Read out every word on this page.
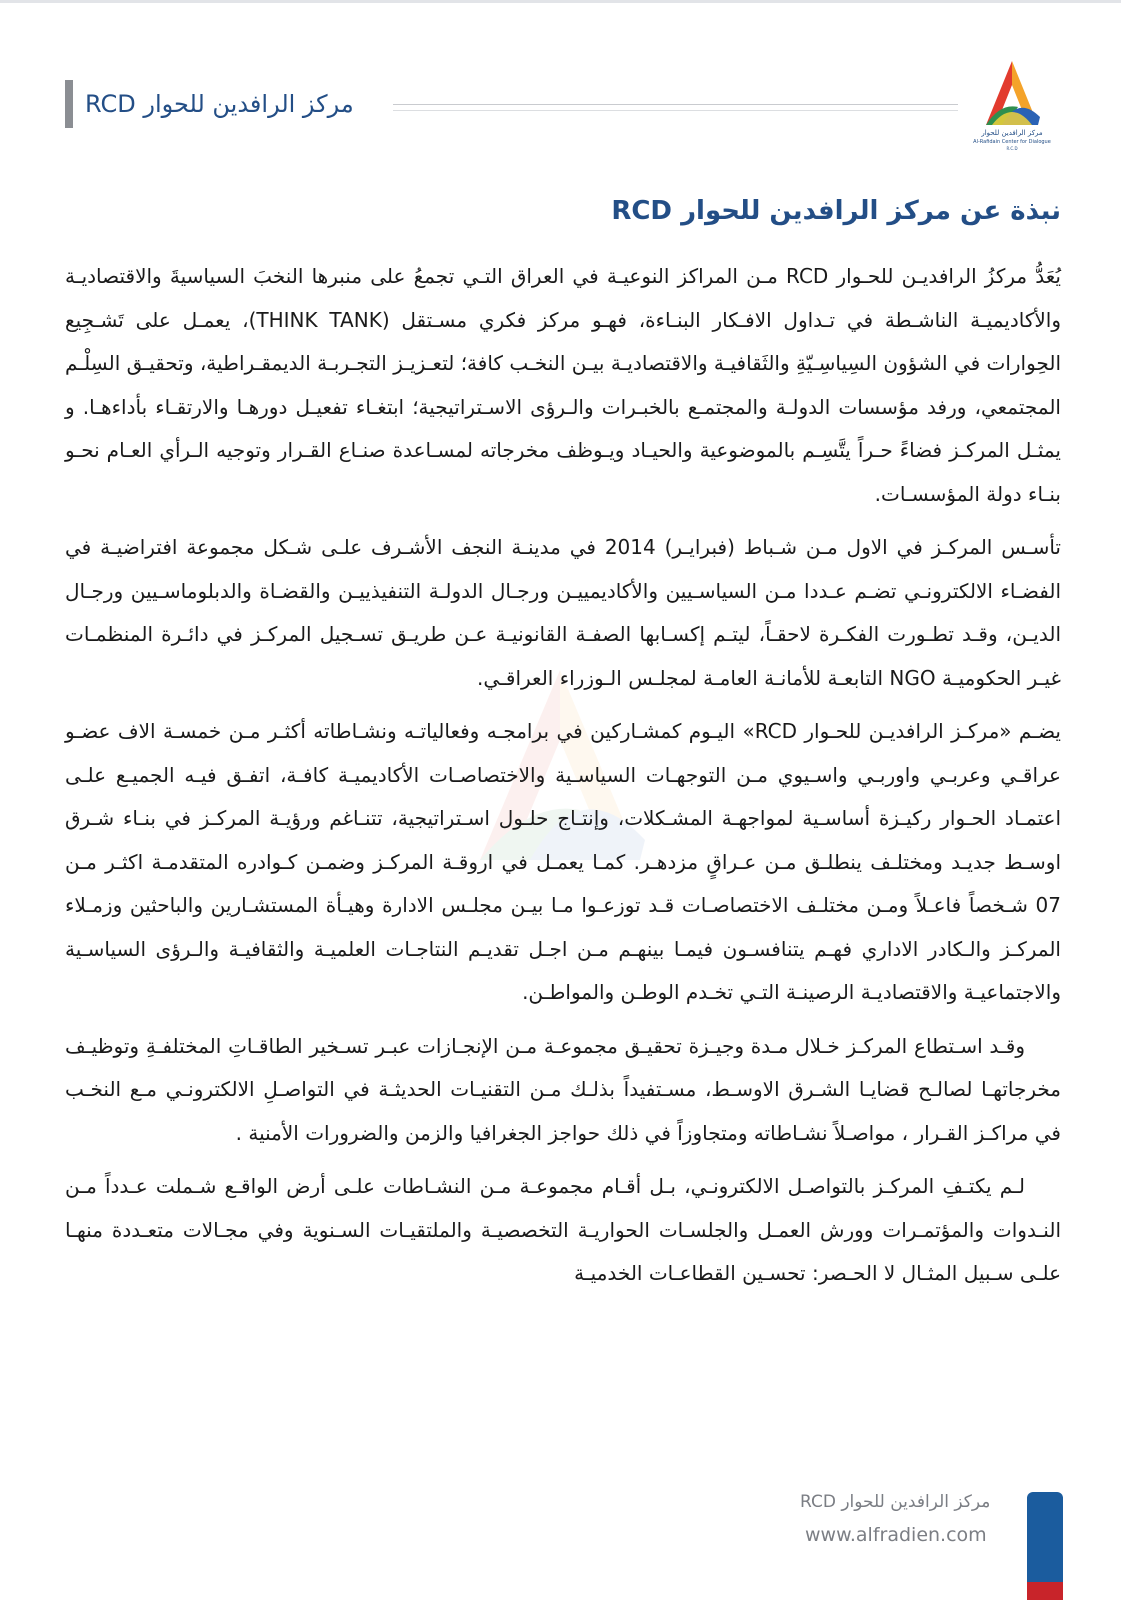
مركز الرافدين للحوار RCD
مركز الرافدين للحوار
Al-Rafidain Center for Dialogue
R.C.D
نبذة عن مركز الرافدين للحوار RCD

يُعَدُّ مركزُ الرافديـن للحـوار RCD مـن المراكز النوعيـة في العراق التـي تجمعُ على منبرها النخبَ السياسيةَ والاقتصاديـة والأكاديميـة الناشـطة في تـداول الافـكار البنـاءة، فهـو مركز فكري مسـتقل (THINK TANK)، يعمـل على تَشـجِيع الحِوارات في الشؤون السِياسِـيّةِ والثَقافيـة والاقتصاديـة بيـن النخـب كافة؛ لتعـزيـز التجـربـة الديمقـراطية، وتحقيـق السِلْـم المجتمعي، ورفد مؤسسات الدولـة والمجتمـع بالخبـرات والـرؤى الاسـتراتيجية؛ ابتغـاء تفعيـل دورهـا والارتقـاء بأداءهـا. و يمثـل المركـز فضاءً حـراً يتَّسِـم بالموضوعية والحيـاد ويـوظف مخرجاته لمسـاعدة صنـاع القـرار وتوجيه الـرأي العـام نحـو بنـاء دولة المؤسسـات.

تأسـس المركـز في الاول مـن شـباط (فبرايـر) 2014 في مدينـة النجف الأشـرف علـى شـكل مجموعة افتراضيـة في الفضـاء الالكترونـي تضـم عـددا مـن السياسـيين والأكاديمييـن ورجـال الدولـة التنفيذييـن والقضـاة والدبلوماسـيين ورجـال الديـن، وقـد تطـورت الفكـرة لاحقـاً، ليتـم إكسـابها الصفـة القانونيـة عـن طريـق تسـجيل المركـز في دائـرة المنظمـات غيـر الحكوميـة NGO التابعـة للأمانـة العامـة لمجلـس الـوزراء العراقـي.

يضـم «مركـز الرافديـن للحـوار RCD» اليـوم كمشـاركين في برامجـه وفعالياتـه ونشـاطاته أكثـر مـن خمسـة الاف عضـو عراقـي وعربـي واوربـي واسـيوي مـن التوجهـات السياسـية والاختصاصـات الأكاديميـة كافـة، اتفـق فيـه الجميـع علـى اعتمـاد الحـوار ركيـزة أساسـية لمواجهـة المشـكلات، وإنتـاج حلـول اسـتراتيجية، تتنـاغم ورؤيـة المركـز في بنـاء شـرق اوسـط جديـد ومختلـف ينطلـق مـن عـراقٍ مزدهـر. كمـا يعمـل في اروقـة المركـز وضمـن كـوادره المتقدمـة اكثـر مـن 07 شـخصاً فاعـلاً ومـن مختلـف الاختصاصـات قـد توزعـوا مـا بيـن مجلـس الادارة وهيـأة المستشـارين والباحثين وزمـلاء المركـز والـكادر الاداري فهـم يتنافسـون فيمـا بينهـم مـن اجـل تقديـم النتاجـات العلميـة والثقافيـة والـرؤى السياسـية والاجتماعيـة والاقتصاديـة الرصينـة التـي تخـدم الوطـن والمواطـن.

وقـد اسـتطاع المركـز خـلال مـدة وجيـزة تحقيـق مجموعـة مـن الإنجـازات عبـر تسـخير الطاقـاتِ المختلفـةِ وتوظيـف مخرجاتهـا لصالـح قضايـا الشـرق الاوسـط، مسـتفيداً بذلـك مـن التقنيـات الحديثـة في التواصـلِ الالكترونـي مـع النخـب في مراكـز القـرار ، مواصـلاً نشـاطاته ومتجاوزاً في ذلك حواجز الجغرافيا والزمن والضرورات الأمنية .

لـم يكتـفِ المركـز بالتواصـل الالكترونـي، بـل أقـام مجموعـة مـن النشـاطات علـى أرض الواقـع شـملت عـدداً مـن النـدوات والمؤتمـرات وورش العمـل والجلسـات الحواريـة التخصصيـة والملتقيـات السـنوية وفي مجـالات متعـددة منهـا علـى سـبيل المثـال لا الحـصر: تحسـين القطاعـات الخدميـة

مركز الرافدين للحوار RCD
www.alfradien.com
